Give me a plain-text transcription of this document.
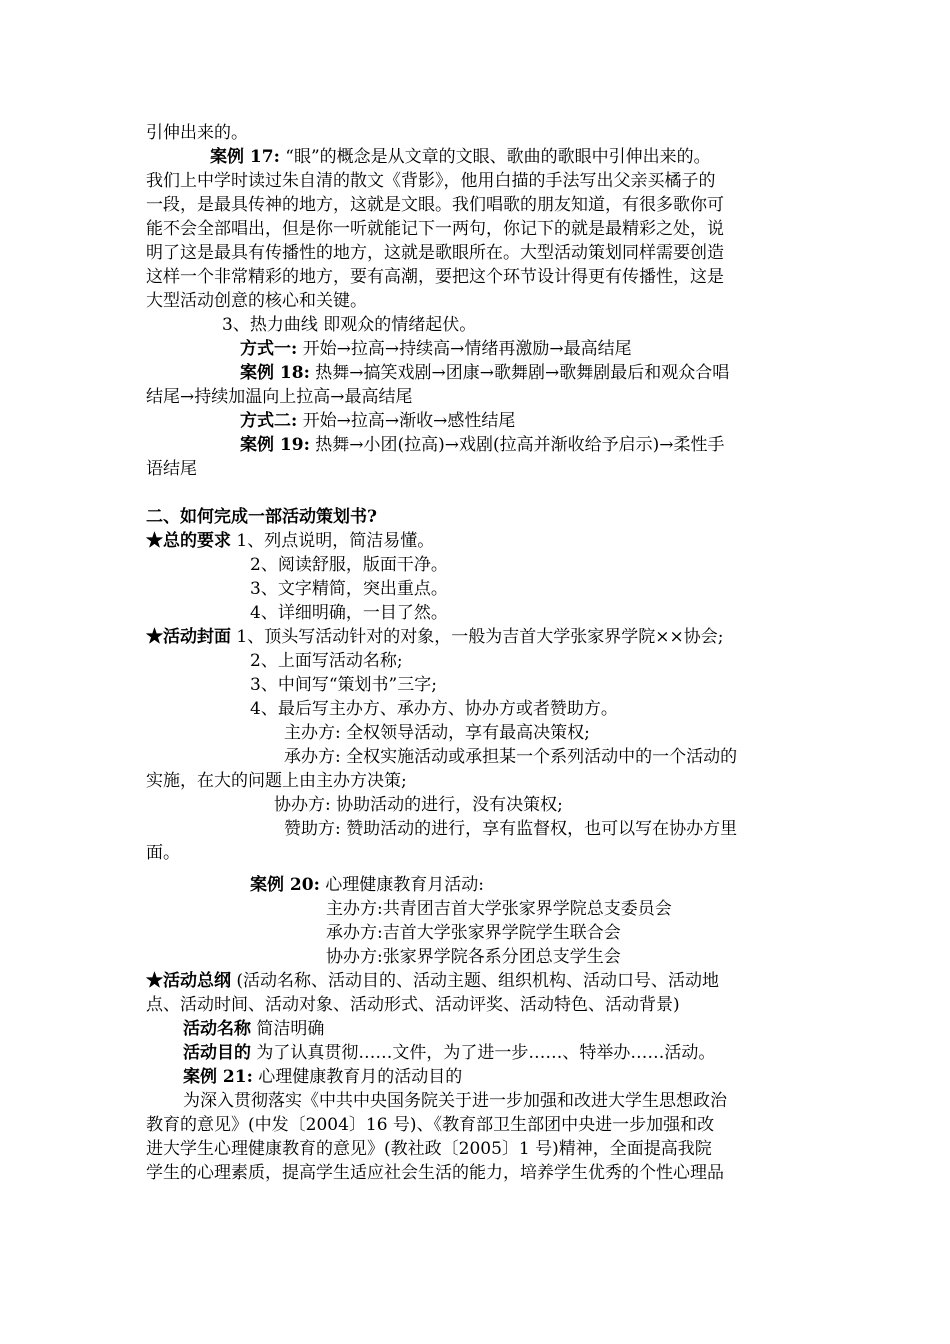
引伸出来的。
案例 17: “眼”的概念是从文章的文眼、歌曲的歌眼中引伸出来的。
我们上中学时读过朱自清的散文《背影》，他用白描的手法写出父亲买橘子的
一段，是最具传神的地方，这就是文眼。我们唱歌的朋友知道，有很多歌你可
能不会全部唱出，但是你一听就能记下一两句，你记下的就是最精彩之处，说
明了这是最具有传播性的地方，这就是歌眼所在。大型活动策划同样需要创造
这样一个非常精彩的地方，要有高潮，要把这个环节设计得更有传播性，这是
大型活动创意的核心和关键。
3、热力曲线 即观众的情绪起伏。
方式一: 开始→拉高→持续高→情绪再激励→最高结尾
案例 18: 热舞→搞笑戏剧→团康→歌舞剧→歌舞剧最后和观众合唱
结尾→持续加温向上拉高→最高结尾
方式二: 开始→拉高→渐收→感性结尾
案例 19: 热舞→小团(拉高)→戏剧(拉高并渐收给予启示)→柔性手
语结尾
二、如何完成一部活动策划书?
★总的要求 1、列点说明，简洁易懂。
2、阅读舒服，版面干净。
3、文字精简，突出重点。
4、详细明确，一目了然。
★活动封面 1、顶头写活动针对的对象，一般为吉首大学张家界学院××协会;
2、上面写活动名称;
3、中间写“策划书”三字;
4、最后写主办方、承办方、协办方或者赞助方。
主办方: 全权领导活动，享有最高决策权;
承办方: 全权实施活动或承担某一个系列活动中的一个活动的
实施，在大的问题上由主办方决策;
协办方: 协助活动的进行，没有决策权;
赞助方: 赞助活动的进行，享有监督权，也可以写在协办方里
面。
案例 20: 心理健康教育月活动:
主办方:共青团吉首大学张家界学院总支委员会
承办方:吉首大学张家界学院学生联合会
协办方:张家界学院各系分团总支学生会
★活动总纲 (活动名称、活动目的、活动主题、组织机构、活动口号、活动地
点、活动时间、活动对象、活动形式、活动评奖、活动特色、活动背景)
活动名称 简洁明确
活动目的 为了认真贯彻……文件，为了进一步……、特举办……活动。
案例 21: 心理健康教育月的活动目的
为深入贯彻落实《中共中央国务院关于进一步加强和改进大学生思想政治
教育的意见》(中发〔2004〕16 号)、《教育部卫生部团中央进一步加强和改
进大学生心理健康教育的意见》(教社政〔2005〕1 号)精神，全面提高我院
学生的心理素质，提高学生适应社会生活的能力，培养学生优秀的个性心理品
